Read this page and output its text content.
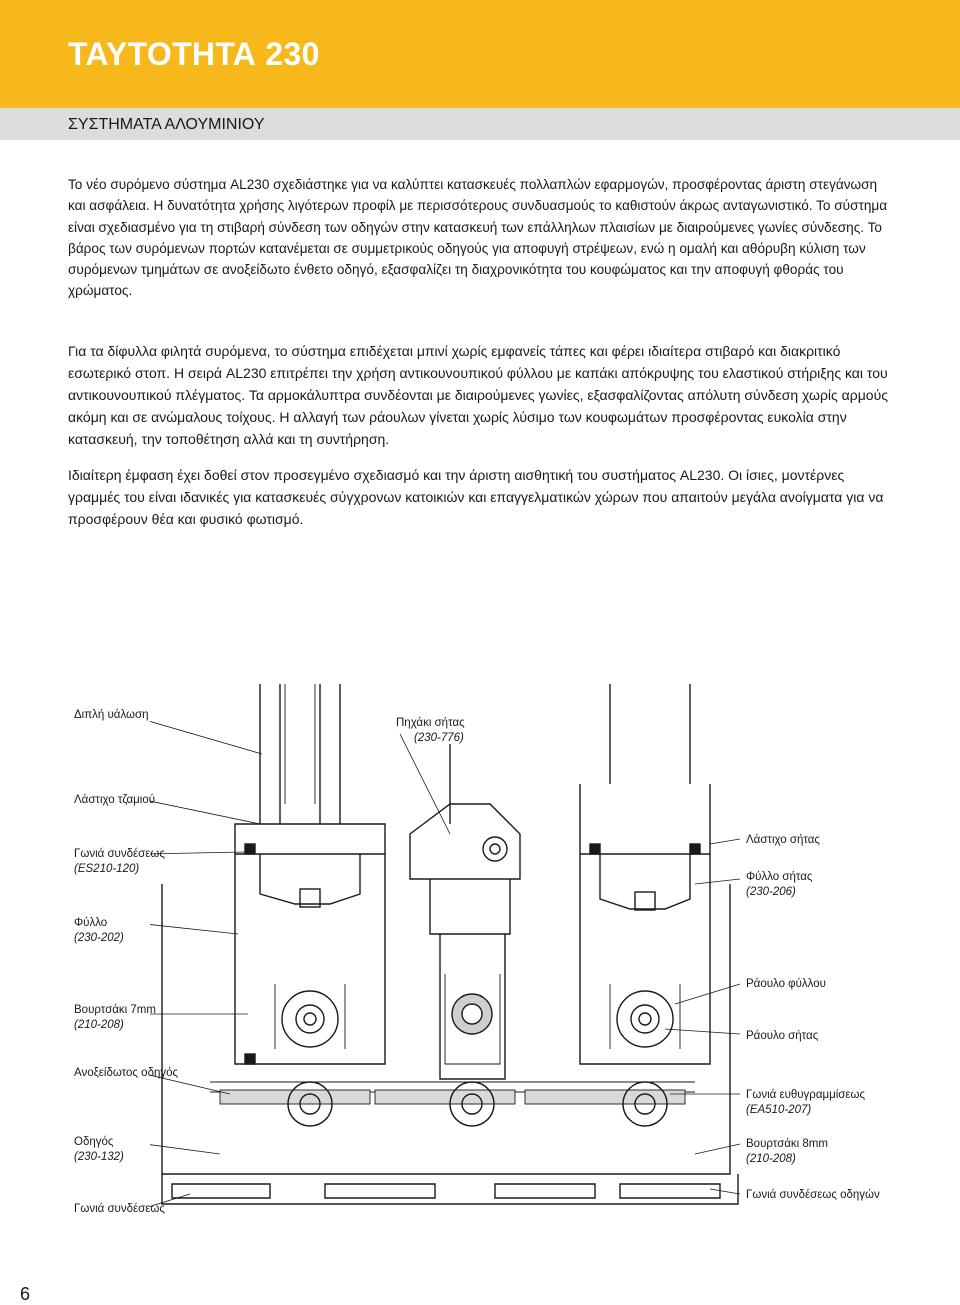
ΤΑΥΤΟΤΗΤΑ 230
ΣΥΣΤΗΜΑΤΑ ΑΛΟΥΜΙΝΙΟΥ

Το νέο συρόμενο σύστημα AL230 σχεδιάστηκε για να καλύπτει κατασκευές πολλαπλών εφαρμογών, προσφέροντας άριστη στεγάνωση και ασφάλεια. Η δυνατότητα χρήσης λιγότερων προφίλ με περισσότερους συνδυασμούς το καθιστούν άκρως ανταγωνιστικό. Το σύστημα είναι σχεδιασμένο για τη στιβαρή σύνδεση των οδηγών στην κατασκευή των επάλληλων πλαισίων με διαιρούμενες γωνίες σύνδεσης. Το βάρος των συρόμενων πορτών κατανέμεται σε συμμετρικούς οδηγούς για αποφυγή στρέψεων, ενώ η ομαλή και αθόρυβη κύλιση των συρόμενων τμημάτων σε ανοξείδωτο ένθετο οδηγό, εξασφαλίζει τη διαχρονικότητα του κουφώματος και την αποφυγή φθοράς του χρώματος.

Για τα δίφυλλα φιλητά συρόμενα, το σύστημα επιδέχεται μπινί χωρίς εμφανείς τάπες και φέρει ιδιαίτερα στιβαρό και διακριτικό εσωτερικό στοπ. Η σειρά AL230 επιτρέπει την χρήση αντικουνουπικού φύλλου με καπάκι απόκρυψης του ελαστικού στήριξης και του αντικουνουπικού πλέγματος. Τα αρμοκάλυπτρα συνδέονται με διαιρούμενες γωνίες, εξασφαλίζοντας απόλυτη σύνδεση χωρίς αρμούς ακόμη και σε ανώμαλους τοίχους. Η αλλαγή των ράουλων γίνεται χωρίς λύσιμο των κουφωμάτων προσφέροντας ευκολία στην κατασκευή, την τοποθέτηση αλλά και τη συντήρηση.

Ιδιαίτερη έμφαση έχει δοθεί στον προσεγμένο σχεδιασμό και την άριστη αισθητική του συστήματος AL230. Οι ίσιες, μοντέρνες γραμμές του είναι ιδανικές για κατασκευές σύγχρονων κατοικιών και επαγγελματικών χώρων που απαιτούν μεγάλα ανοίγματα για να προσφέρουν θέα και φυσικό φωτισμό.

Διπλή υάλωση
Λάστιχο τζαμιού
Γωνιά συνδέσεως
(ES210-120)
Φύλλο
(230-202)
Βουρτσάκι 7mm
(210-208)
Ανοξείδωτος οδηγός
Οδηγός
(230-132)
Γωνιά συνδέσεως
Πηχάκι σήτας
(230-776)
Λάστιχο σήτας
Φύλλο σήτας
(230-206)
Ράουλο φύλλου
Ράουλο σήτας
Γωνιά ευθυγραμμίσεως
(EA510-207)
Βουρτσάκι 8mm
(210-208)
Γωνιά συνδέσεως οδηγών
6
